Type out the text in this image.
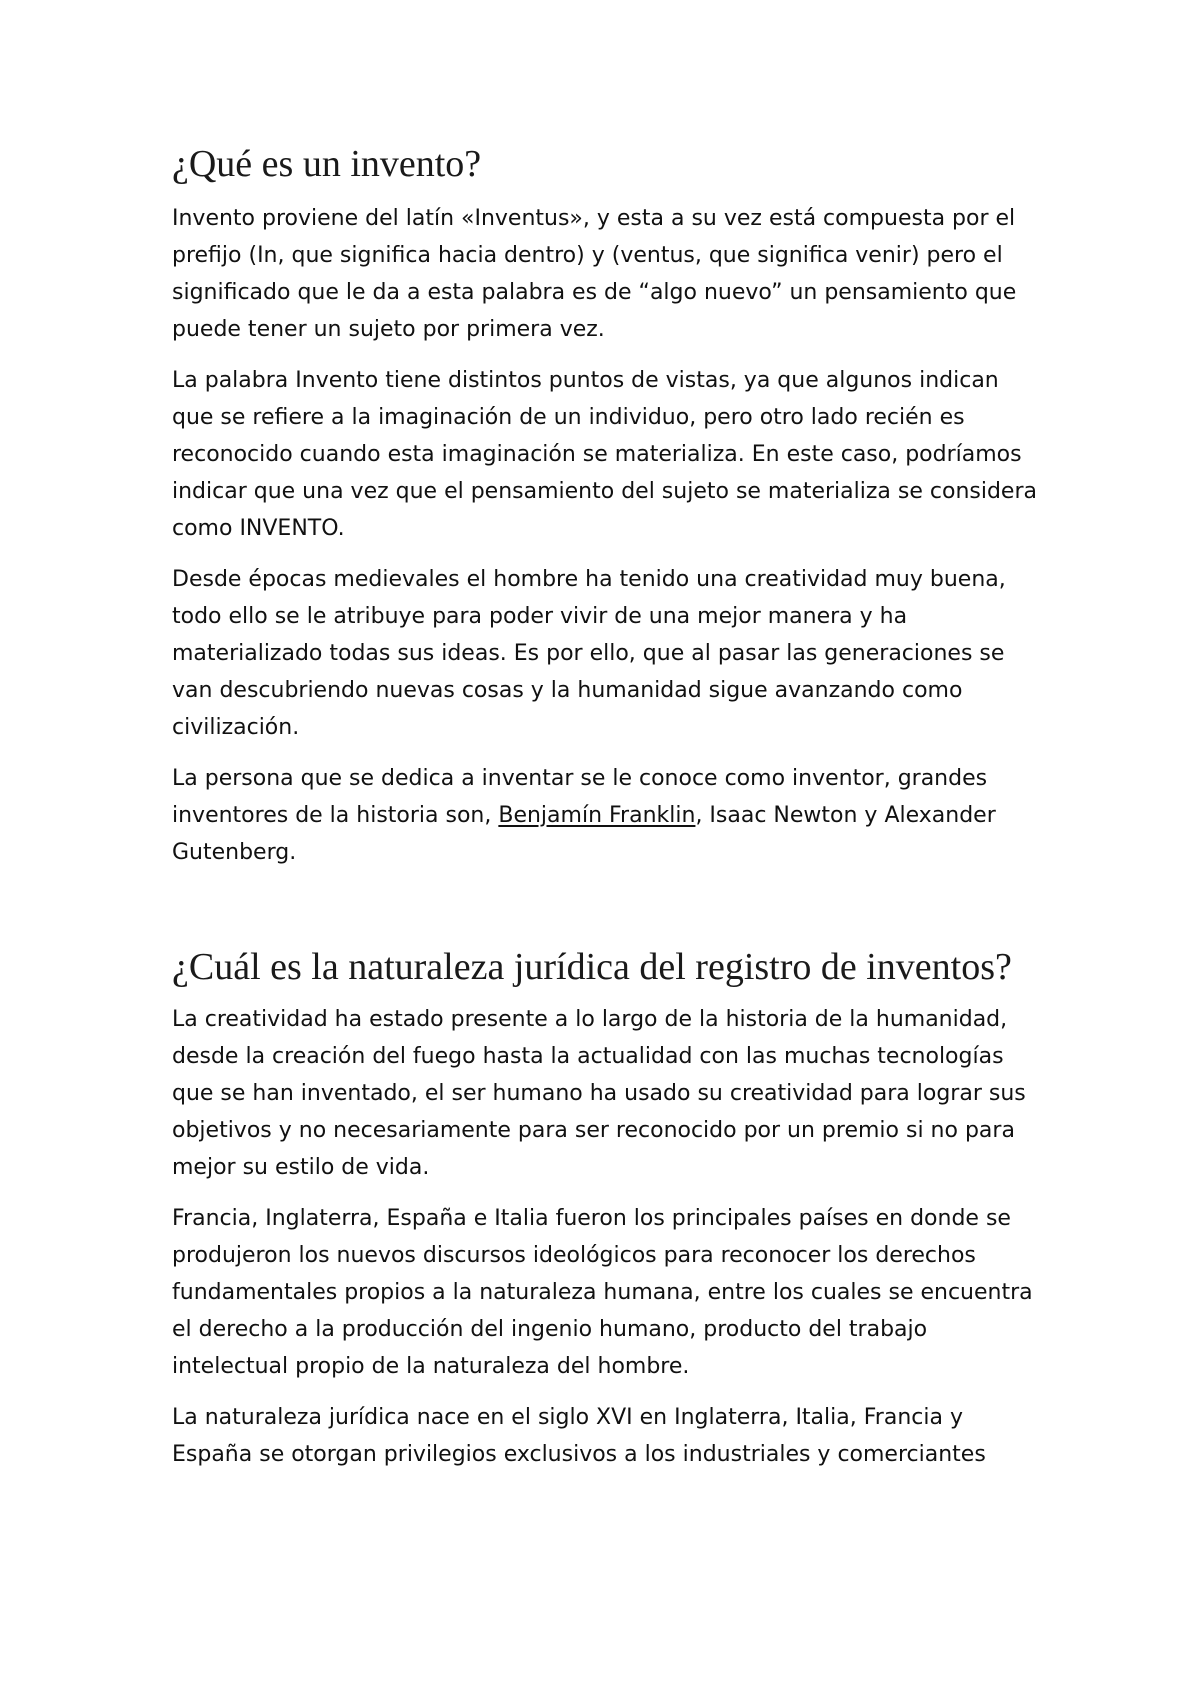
¿Qué es un invento?

Invento proviene del latín «Inventus», y esta a su vez está compuesta por el prefijo (In, que significa hacia dentro) y (ventus, que significa venir) pero el significado que le da a esta palabra es de “algo nuevo” un pensamiento que puede tener un sujeto por primera vez.

La palabra Invento tiene distintos puntos de vistas, ya que algunos indican que se refiere a la imaginación de un individuo, pero otro lado recién es reconocido cuando esta imaginación se materializa. En este caso, podríamos indicar que una vez que el pensamiento del sujeto se materializa se considera como INVENTO.

Desde épocas medievales el hombre ha tenido una creatividad muy buena, todo ello se le atribuye para poder vivir de una mejor manera y ha materializado todas sus ideas. Es por ello, que al pasar las generaciones se van descubriendo nuevas cosas y la humanidad sigue avanzando como civilización.

La persona que se dedica a inventar se le conoce como inventor, grandes inventores de la historia son, Benjamín Franklin, Isaac Newton y Alexander Gutenberg.

¿Cuál es la naturaleza jurídica del registro de inventos?

La creatividad ha estado presente a lo largo de la historia de la humanidad, desde la creación del fuego hasta la actualidad con las muchas tecnologías que se han inventado, el ser humano ha usado su creatividad para lograr sus objetivos y no necesariamente para ser reconocido por un premio si no para mejor su estilo de vida.

Francia, Inglaterra, España e Italia fueron los principales países en donde se produjeron los nuevos discursos ideológicos para reconocer los derechos fundamentales propios a la naturaleza humana, entre los cuales se encuentra el derecho a la producción del ingenio humano, producto del trabajo intelectual propio de la naturaleza del hombre.

La naturaleza jurídica nace en el siglo XVI en Inglaterra, Italia, Francia y España se otorgan privilegios exclusivos a los industriales y comerciantes
